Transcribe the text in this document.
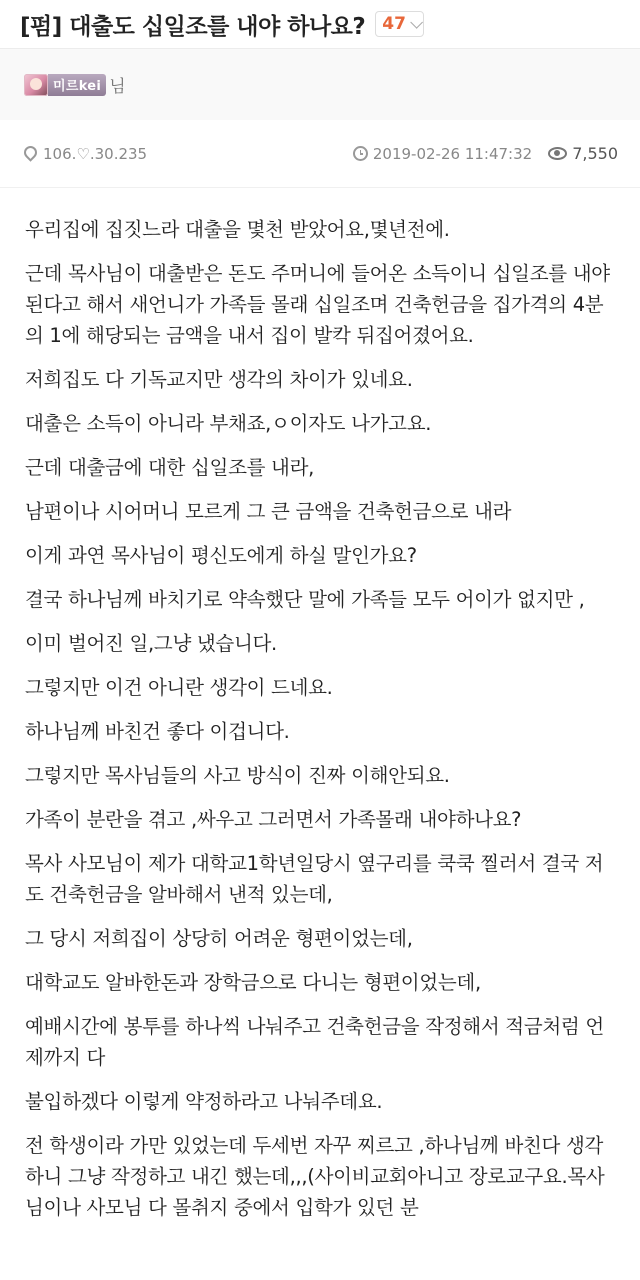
[펌] 대출도 십일조를 내야 하나요? 47
미르kei 님
106.♡.30.235	2019-02-26 11:47:32	7,550

우리집에 집짓느라 대출을 몇천 받았어요,몇년전에.

근데 목사님이 대출받은 돈도 주머니에 들어온 소득이니 십일조를 내야된다고 해서 새언니가 가족들 몰래 십일조며 건축헌금을 집가격의 4분의 1에 해당되는 금액을 내서 집이 발칵 뒤집어졌어요.

저희집도 다 기독교지만 생각의 차이가 있네요.

대출은 소득이 아니라 부채죠,ㅇ이자도 나가고요.

근데 대출금에 대한 십일조를 내라,

남편이나 시어머니 모르게 그 큰 금액을 건축헌금으로 내라

이게 과연 목사님이 평신도에게 하실 말인가요?

결국 하나님께 바치기로 약속했단 말에 가족들 모두 어이가 없지만 ,

이미 벌어진 일,그냥 냈습니다.

그렇지만 이건 아니란 생각이 드네요.

하나님께 바친건 좋다 이겁니다.

그렇지만 목사님들의 사고 방식이 진짜 이해안되요.

가족이 분란을 겪고 ,싸우고 그러면서 가족몰래 내야하나요?

목사 사모님이 제가 대학교1학년일당시 옆구리를 쿡쿡 찔러서 결국 저도 건축헌금을 알바해서 낸적 있는데,

그 당시 저희집이 상당히 어려운 형편이었는데,

대학교도 알바한돈과 장학금으로 다니는 형편이었는데,

예배시간에 봉투를 하나씩 나눠주고 건축헌금을 작정해서 적금처럼 언제까지 다

불입하겠다 이렇게 약정하라고 나눠주데요.

전 학생이라 가만 있었는데 두세번 자꾸 찌르고 ,하나님께 바친다 생각하니 그냥 작정하고 내긴 했는데,,,(사이비교회아니고 장로교구요.목사님이나 사모님 다 몰취지 중에서 입학가 있던 분
